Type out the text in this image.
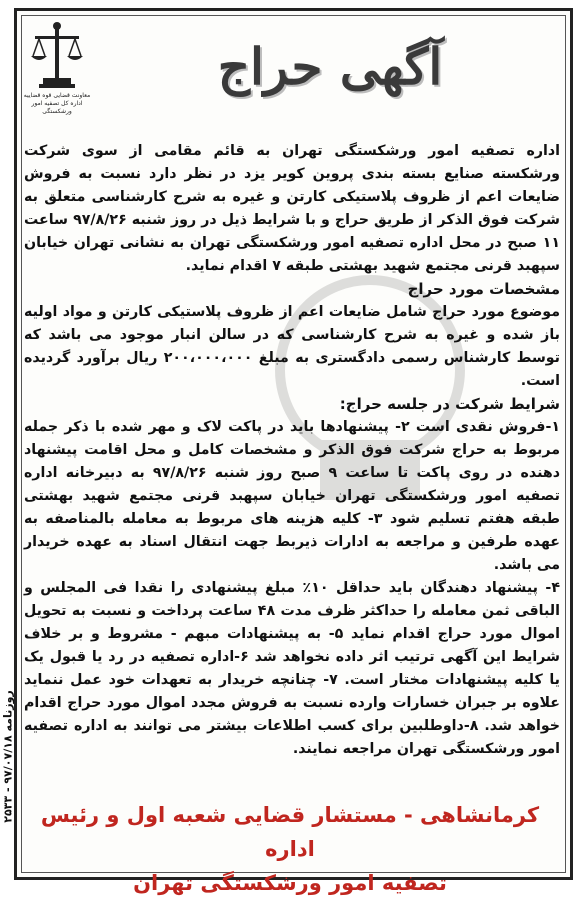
روزنامه ۹۷/۰۷/۱۸ - ۲۵۳۳
معاونت قضایی قوه قضاییه
اداره کل تصفیه امور ورشکستگی
آگهی حراج

اداره تصفیه امور ورشکستگی تهران به قائم مقامی از سوی شرکت ورشکسته صنایع بسته بندی پروین کویر یزد در نظر دارد نسبت به فروش ضایعات اعم از ظروف پلاستیکی کارتن و غیره به شرح کارشناسی متعلق به شرکت فوق الذکر از طریق حراج و با شرایط ذیل در روز شنبه ۹۷/۸/۲۶ ساعت ۱۱ صبح در محل اداره تصفیه امور ورشکستگی تهران به نشانی تهران خیابان سپهبد قرنی مجتمع شهید بهشتی طبقه ۷ اقدام نماید.

مشخصات مورد حراج

موضوع مورد حراج شامل ضایعات اعم از ظروف پلاستیکی کارتن و مواد اولیه باز شده و غیره به شرح کارشناسی که در سالن انبار موجود می باشد که توسط کارشناس رسمی دادگستری به مبلغ ۲۰۰،۰۰۰،۰۰۰ ریال برآورد گردیده است.

شرایط شرکت در جلسه حراج:

۱-فروش نقدی است ۲- پیشنهادها باید در پاکت لاک و مهر شده با ذکر جمله مربوط به حراج شرکت فوق الذکر و مشخصات کامل و محل اقامت پیشنهاد دهنده در روی پاکت تا ساعت ۹ صبح روز شنبه ۹۷/۸/۲۶ به دبیرخانه اداره تصفیه امور ورشکستگی تهران خیابان سپهبد قرنی مجتمع شهید بهشتی طبقه هفتم تسلیم شود ۳- کلیه هزینه های مربوط به معامله بالمناصفه به عهده طرفین و مراجعه به ادارات ذیربط جهت انتقال اسناد به عهده خریدار می باشد.

۴- پیشنهاد دهندگان باید حداقل ۱۰٪ مبلغ پیشنهادی را نقدا فی المجلس و الباقی ثمن معامله را حداکثر ظرف مدت ۴۸ ساعت پرداخت و نسبت به تحویل اموال مورد حراج اقدام نماید ۵- به پیشنهادات مبهم - مشروط و بر خلاف شرایط این آگهی ترتیب اثر داده نخواهد شد ۶-اداره تصفیه در رد یا قبول یک یا کلیه پیشنهادات مختار است. ۷- چنانچه خریدار به تعهدات خود عمل ننماید علاوه بر جبران خسارات وارده نسبت به فروش مجدد اموال مورد حراج اقدام خواهد شد. ۸-داوطلبین برای کسب اطلاعات بیشتر می توانند به اداره تصفیه امور ورشکستگی تهران مراجعه نمایند.

کرمانشاهی - مستشار قضایی شعبه اول و رئیس اداره
تصفیه امور ورشکستگی تهران
